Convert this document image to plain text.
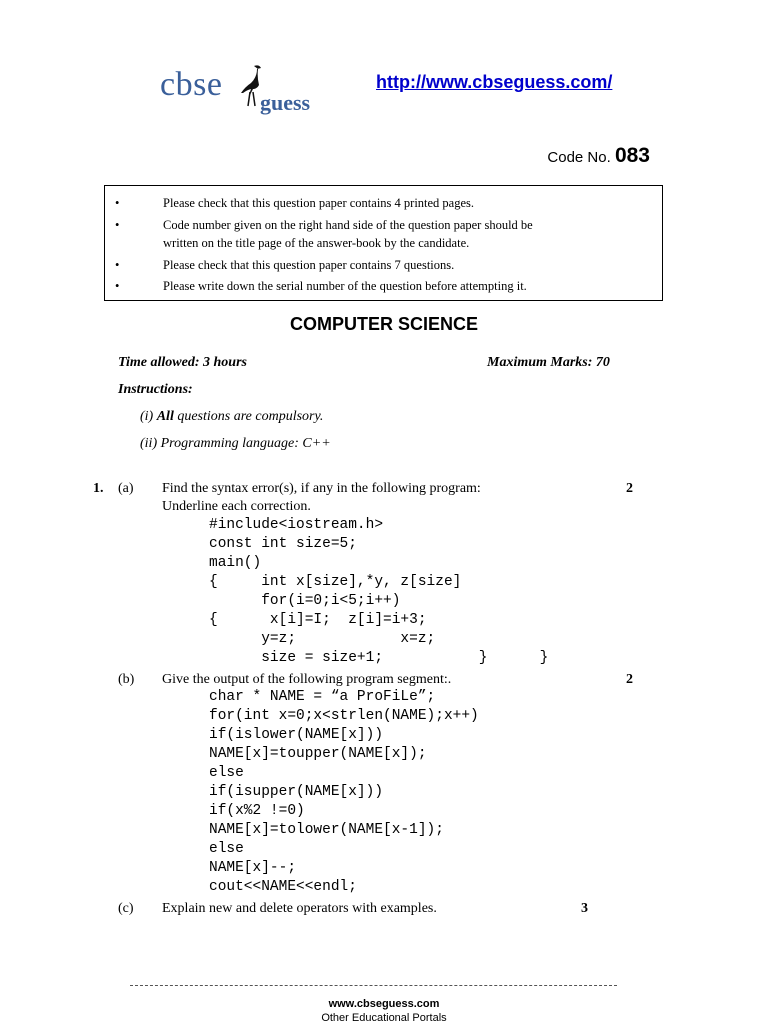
cbse

guess

http://www.cbseguess.com/
Code No. 083
•	Please check that this question paper contains 4 printed pages.
•	Code number given on the right hand side of the question paper should be
written on the title page of the answer-book by the candidate.
•	Please check that this question paper contains 7 questions.
•	Please write down the serial number of the question before attempting it.
COMPUTER SCIENCE
Time allowed: 3 hours	Maximum Marks: 70
Instructions:
(i) All questions are compulsory.
(ii) Programming language: C++
1. (a) Find the syntax error(s), if any in the following program:	2
Underline each correction.
#include<iostream.h>
const int size=5;
main()
{     int x[size],*y, z[size]
for(i=0;i<5;i++)
{      x[i]=I;  z[i]=i+3;
y=z;            x=z;
size = size+1;           }      }
(b) Give the output of the following program segment:.	2
char * NAME = “a ProFiLe”;
for(int x=0;x<strlen(NAME);x++)
if(islower(NAME[x]))
NAME[x]=toupper(NAME[x]);
else
if(isupper(NAME[x]))
if(x%2 !=0)
NAME[x]=tolower(NAME[x-1]);
else
NAME[x]--;
cout<<NAME<<endl;
(c) Explain new and delete operators with examples.	3
www.cbseguess.com
Other Educational Portals
